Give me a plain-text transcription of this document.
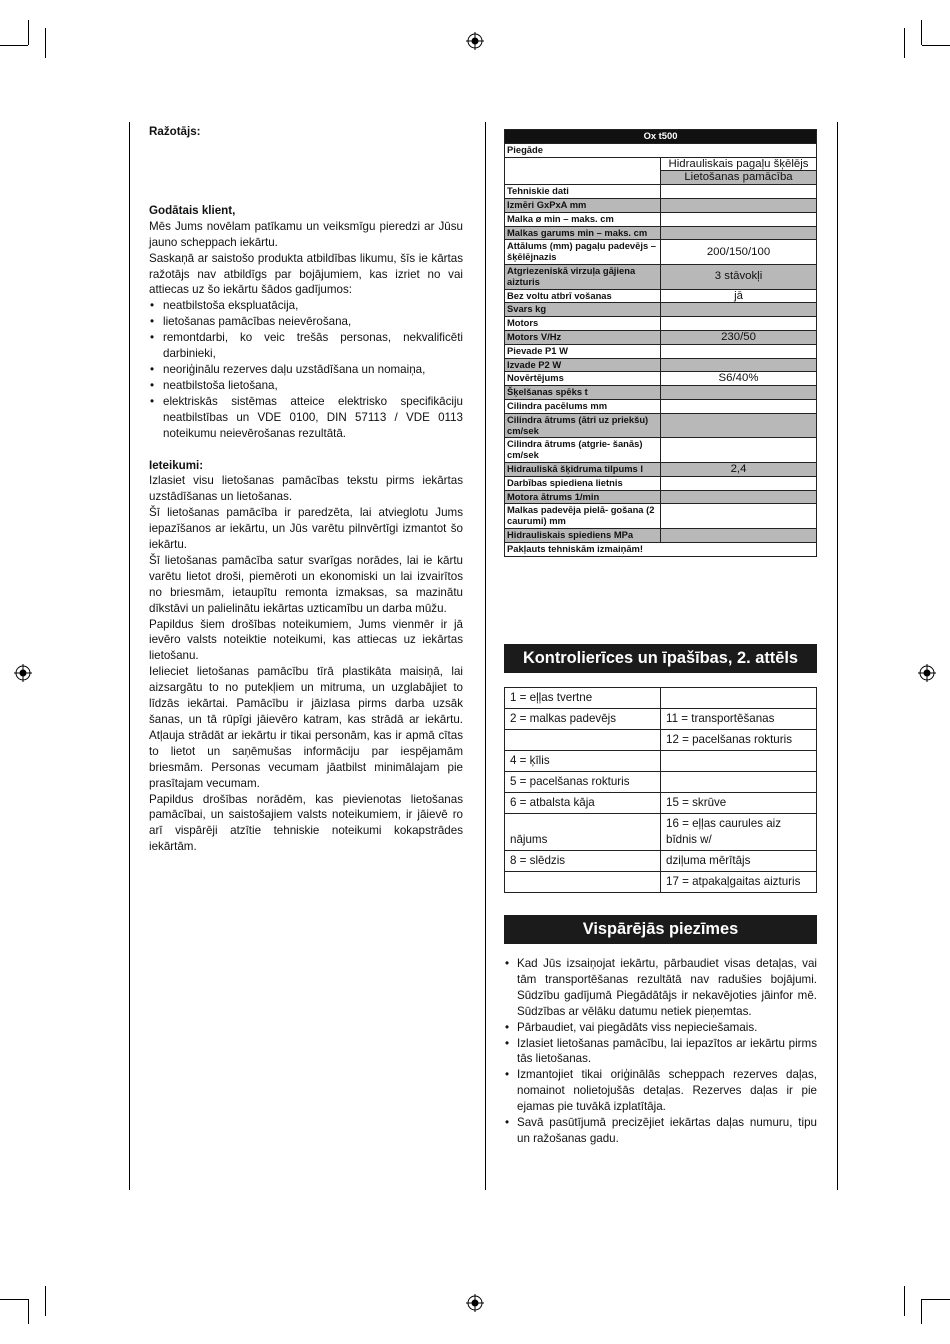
Ražotājs:

Godātais klient,

Mēs Jums novēlam patīkamu un veiksmīgu pieredzi ar Jūsu jauno scheppach iekārtu.

Saskaņā ar saistošo produkta atbildības likumu, šīs ie kārtas ražotājs nav atbildīgs par bojājumiem, kas izriet no vai attiecas uz šo iekārtu šādos gadījumos:

• neatbilstoša ekspluatācija,
• lietošanas pamācības neievērošana,
• remontdarbi, ko veic trešās personas, nekvalificēti darbinieki,
• neoriģinālu rezerves daļu uzstādīšana un nomaiņa,
• neatbilstoša lietošana,
• elektriskās sistēmas atteice elektrisko specifikāciju neatbilstības un VDE 0100, DIN 57113 / VDE 0113 noteikumu neievērošanas rezultātā.

Ieteikumi:

Izlasiet visu lietošanas pamācības tekstu pirms iekārtas uzstādīšanas un lietošanas.

Šī lietošanas pamācība ir paredzēta, lai atvieglotu Jums iepazīšanos ar iekārtu, un Jūs varētu pilnvērtīgi izmantot šo iekārtu.

Šī lietošanas pamācība satur svarīgas norādes, lai ie kārtu varētu lietot droši, piemēroti un ekonomiski un lai izvairītos no briesmām, ietaupītu remonta izmaksas, sa mazinātu dīkstāvi un palielinātu iekārtas uzticamību un darba mūžu.

Papildus šiem drošības noteikumiem, Jums vienmēr ir jā ievēro valsts noteiktie noteikumi, kas attiecas uz iekārtas lietošanu.

Ielieciet lietošanas pamācību tīrā plastikāta maisiņā, lai aizsargātu to no putekļiem un mitruma, un uzglabājiet to līdzās iekārtai. Pamācību ir jāizlasa pirms darba uzsāk šanas, un tā rūpīgi jāievēro katram, kas strādā ar iekārtu. Atļauja strādāt ar iekārtu ir tikai personām, kas ir apmā cītas to lietot un saņēmušas informāciju par iespējamām briesmām. Personas vecumam jāatbilst minimālajam pie prasītajam vecumam.

Papildus drošības norādēm, kas pievienotas lietošanas pamācībai, un saistošajiem valsts noteikumiem, ir jāievē ro arī vispārēji atzītie tehniskie noteikumi kokapstrādes iekārtām.

Ox t500	
Piegāde	
	Hidrauliskais pagaļu šķēlējs
	Lietošanas pamācība
Tehniskie dati	
Izmēri GxPxA mm	
Malka ø min – maks. cm	
Malkas garums min – maks. cm	
Attālums (mm) pagaļu padevējs – šķēlējnazis	200/150/100
Atgriezeniskā virzuļa gājiena aizturis	3 stāvokļi
Bez voltu atbrī vošanas	jā
Svars kg	
Motors	
Motors V/Hz	230/50
Pievade P1 W	
Izvade P2 W	
Novērtējums	S6/40%
Šķelšanas spēks t	
Cilindra pacēlums mm	
Cilindra ātrums (ātri uz priekšu) cm/sek	
Cilindra ātrums (atgrie- šanās) cm/sek	
Hidrauliskā šķidruma tilpums l	2,4
Darbības spiediena lietnis	
Motora ātrums 1/min	
Malkas padevēja pielā- gošana (2 caurumi) mm	
Hidrauliskais spiediens MPa	
Pakļauts tehniskām izmaiņām!	
Kontrolierīces un īpašības, 2. attēls
1 = eļļas tvertne	
2 = malkas padevējs	11 = transportēšanas
	12 = pacelšanas rokturis
4 = ķīlis	
5 = pacelšanas rokturis	
6 = atbalsta kāja	15 = skrūve
nājums	16 = eļļas caurules aiz bīdnis w/
8 = slēdzis	dziļuma mērītājs
	17 = atpakaļgaitas aizturis
Vispārējās piezīmes
• Kad Jūs izsaiņojat iekārtu, pārbaudiet visas detaļas, vai tām transportēšanas rezultātā nav radušies bojājumi. Sūdzību gadījumā Piegādātājs ir nekavējoties jāinfor mē. Sūdzības ar vēlāku datumu netiek pieņemtas.
• Pārbaudiet, vai piegādāts viss nepieciešamais.
• Izlasiet lietošanas pamācību, lai iepazītos ar iekārtu pirms tās lietošanas.
• Izmantojiet tikai oriģinālās scheppach rezerves daļas, nomainot nolietojušās detaļas. Rezerves daļas ir pie ejamas pie tuvākā izplatītāja.
• Savā pasūtījumā precizējiet iekārtas daļas numuru, tipu un ražošanas gadu.
